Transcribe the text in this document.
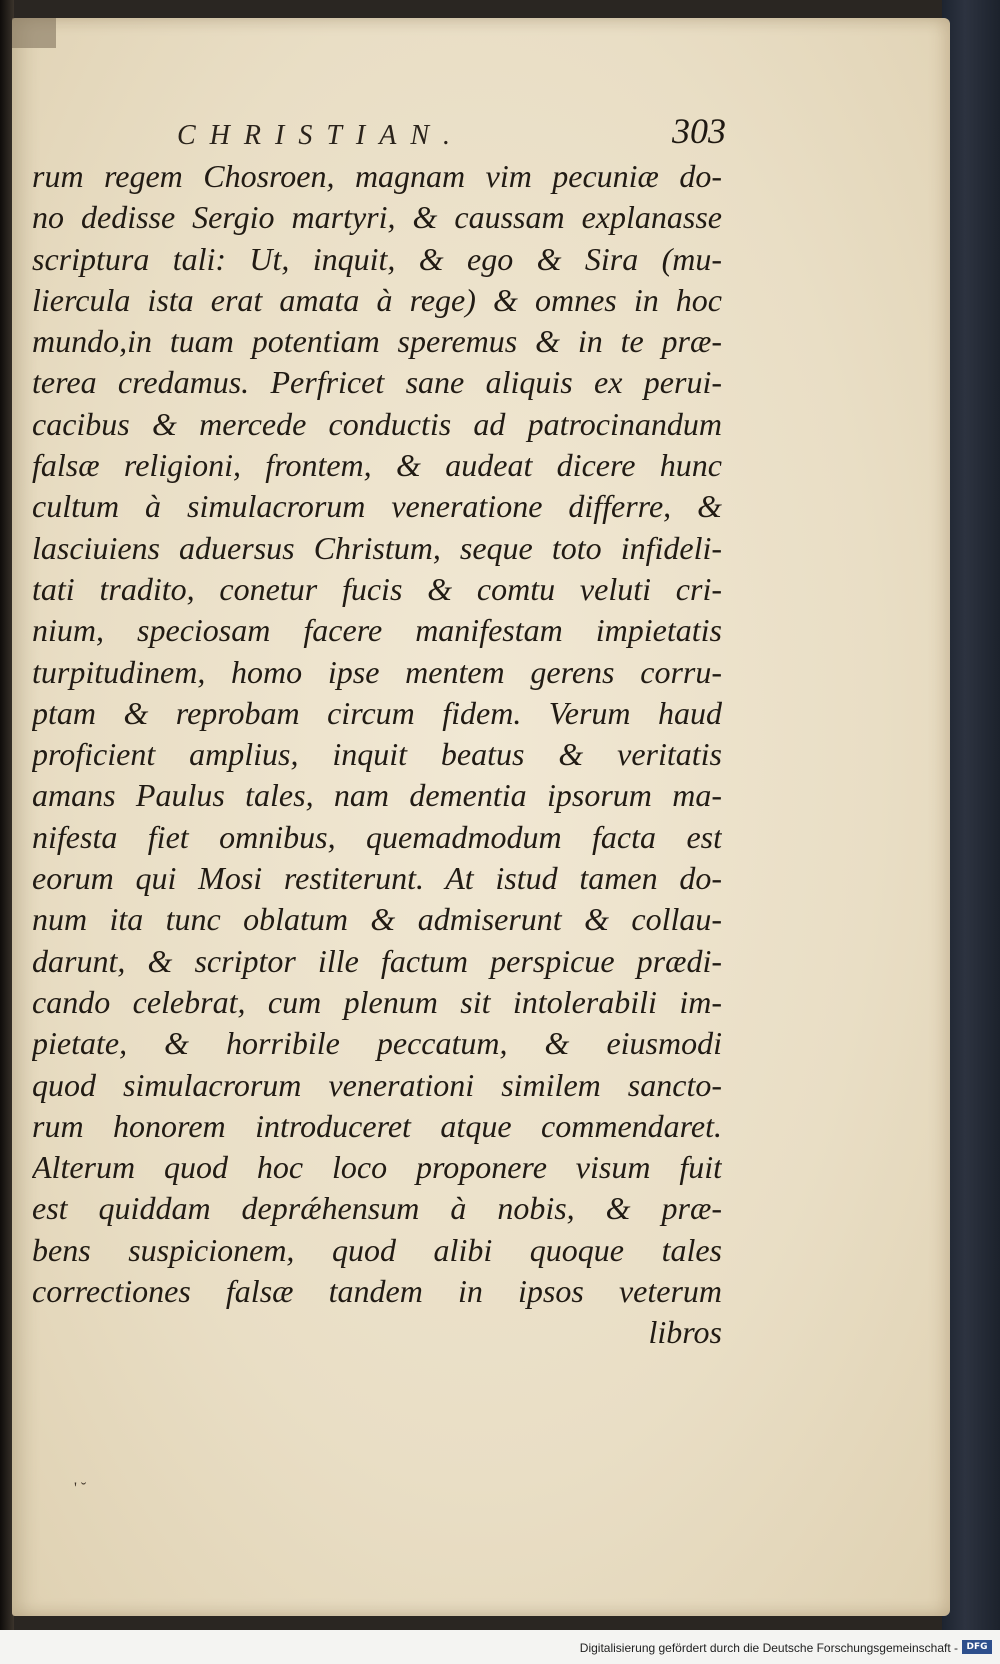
CHRISTIAN.	303
rum regem Chosroen, magnam vim pecuniæ do-
no dedisse Sergio martyri, & caussam explanasse
scriptura tali: Ut, inquit, & ego & Sira (mu-
liercula ista erat amata à rege) & omnes in hoc
mundo,in tuam potentiam speremus & in te præ-
terea credamus. Perfricet sane aliquis ex perui-
cacibus & mercede conductis ad patrocinandum
falsæ religioni, frontem, & audeat dicere hunc
cultum à simulacrorum veneratione differre, &
lasciuiens aduersus Christum, seque toto infideli-
tati tradito, conetur fucis & comtu veluti cri-
nium, speciosam facere manifestam impietatis
turpitudinem, homo ipse mentem gerens corru-
ptam & reprobam circum fidem. Verum haud
proficient amplius, inquit beatus & veritatis
amans Paulus tales, nam dementia ipsorum ma-
nifesta fiet omnibus, quemadmodum facta est
eorum qui Mosi restiterunt. At istud tamen do-
num ita tunc oblatum & admiserunt & collau-
darunt, & scriptor ille factum perspicue prædi-
cando celebrat, cum plenum sit intolerabili im-
pietate, & horribile peccatum, & eiusmodi
quod simulacrorum venerationi similem sancto-
rum honorem introduceret atque commendaret.
Alterum quod hoc loco proponere visum fuit
est quiddam deprǽhensum à nobis, & præ-
bens suspicionem, quod alibi quoque tales
correctiones falsæ tandem in ipsos veterum
libros
' ˘
Digitalisierung gefördert durch die Deutsche Forschungsgemeinschaft - DFG
